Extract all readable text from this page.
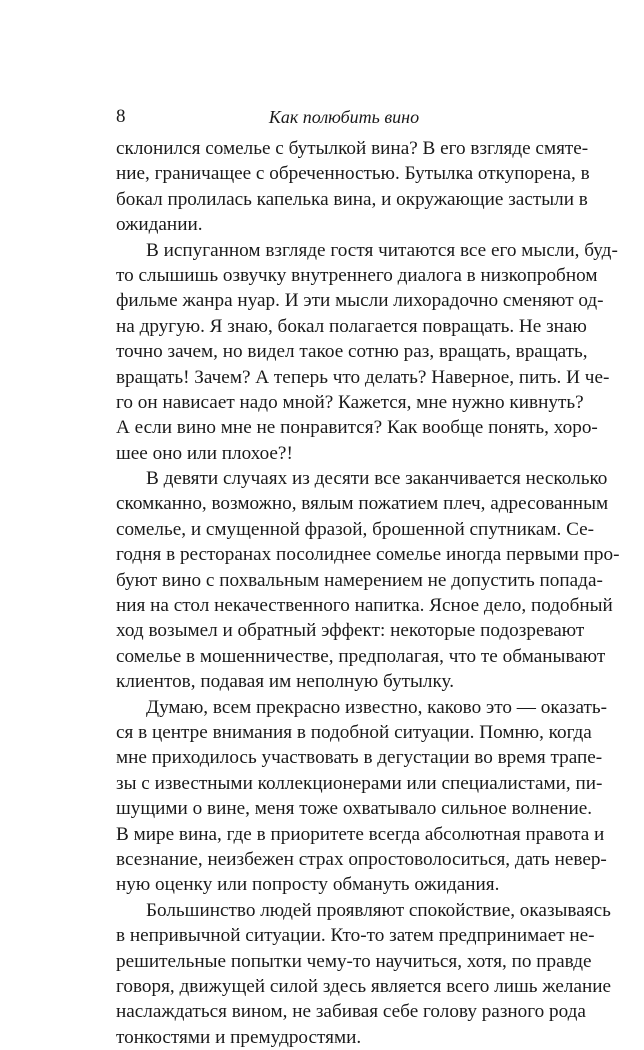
8	Как полюбить вино
склонился сомелье с бутылкой вина? В его взгляде смяте-
ние, граничащее с обреченностью. Бутылка откупорена, в
бокал пролилась капелька вина, и окружающие застыли в
ожидании.
В испуганном взгляде гостя читаются все его мысли, буд-
то слышишь озвучку внутреннего диалога в низкопробном
фильме жанра нуар. И эти мысли лихорадочно сменяют од-
на другую. Я знаю, бокал полагается повращать. Не знаю
точно зачем, но видел такое сотню раз, вращать, вращать,
вращать! Зачем? А теперь что делать? Наверное, пить. И че-
го он нависает надо мной? Кажется, мне нужно кивнуть?
А если вино мне не понравится? Как вообще понять, хоро-
шее оно или плохое?!
В девяти случаях из десяти все заканчивается несколько
скомканно, возможно, вялым пожатием плеч, адресованным
сомелье, и смущенной фразой, брошенной спутникам. Се-
годня в ресторанах посолиднее сомелье иногда первыми про-
буют вино с похвальным намерением не допустить попада-
ния на стол некачественного напитка. Ясное дело, подобный
ход возымел и обратный эффект: некоторые подозревают
сомелье в мошенничестве, предполагая, что те обманывают
клиентов, подавая им неполную бутылку.
Думаю, всем прекрасно известно, каково это — оказать-
ся в центре внимания в подобной ситуации. Помню, когда
мне приходилось участвовать в дегустации во время трапе-
зы с известными коллекционерами или специалистами, пи-
шущими о вине, меня тоже охватывало сильное волнение.
В мире вина, где в приоритете всегда абсолютная правота и
всезнание, неизбежен страх опростоволоситься, дать невер-
ную оценку или попросту обмануть ожидания.
Большинство людей проявляют спокойствие, оказываясь
в непривычной ситуации. Кто-то затем предпринимает не-
решительные попытки чему-то научиться, хотя, по правде
говоря, движущей силой здесь является всего лишь желание
наслаждаться вином, не забивая себе голову разного рода
тонкостями и премудростями.
